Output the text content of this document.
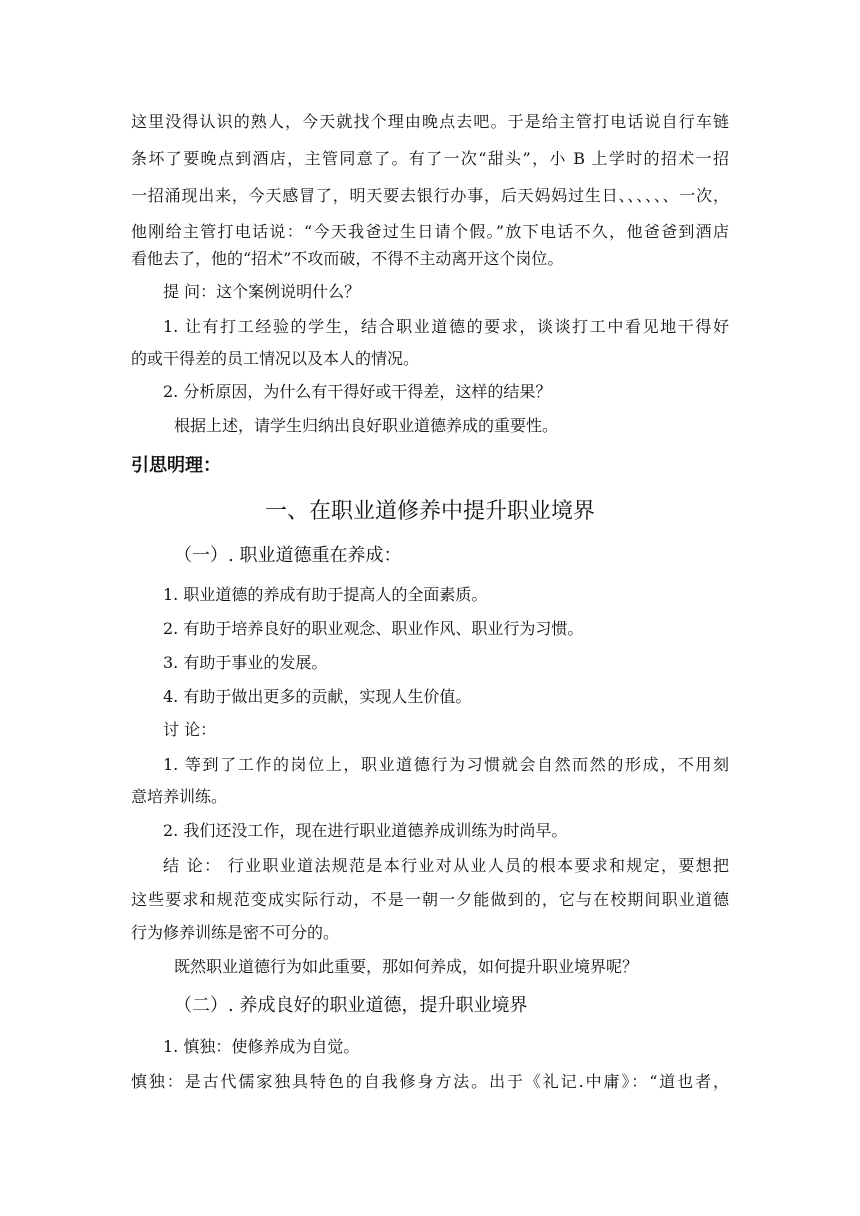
这里没得认识的熟人，今天就找个理由晚点去吧。于是给主管打电话说自行车链
条坏了要晚点到酒店，主管同意了。有了一次“甜头”，小 B 上学时的招术一招
一招涌现出来，今天感冒了，明天要去银行办事，后天妈妈过生日、、、、、、一次，
他刚给主管打电话说：“今天我爸过生日请个假。”放下电话不久，他爸爸到酒店
看他去了，他的“招术”不攻而破，不得不主动离开这个岗位。
提 问：这个案例说明什么？
1. 让有打工经验的学生，结合职业道德的要求，谈谈打工中看见地干得好
的或干得差的员工情况以及本人的情况。
2. 分析原因，为什么有干得好或干得差，这样的结果？
根据上述，请学生归纳出良好职业道德养成的重要性。
引思明理：
一、在职业道修养中提升职业境界
（一）. 职业道德重在养成：
1. 职业道德的养成有助于提高人的全面素质。
2. 有助于培养良好的职业观念、职业作风、职业行为习惯。
3. 有助于事业的发展。
4. 有助于做出更多的贡献，实现人生价值。
讨 论：
1. 等到了工作的岗位上，职业道德行为习惯就会自然而然的形成，不用刻
意培养训练。
2. 我们还没工作，现在进行职业道德养成训练为时尚早。
结 论： 行业职业道法规范是本行业对从业人员的根本要求和规定，要想把
这些要求和规范变成实际行动，不是一朝一夕能做到的，它与在校期间职业道德
行为修养训练是密不可分的。
既然职业道德行为如此重要，那如何养成，如何提升职业境界呢？
（二）. 养成良好的职业道德，提升职业境界
1. 慎独：使修养成为自觉。
慎独：是古代儒家独具特色的自我修身方法。出于《礼记.中庸》：“道也者，
